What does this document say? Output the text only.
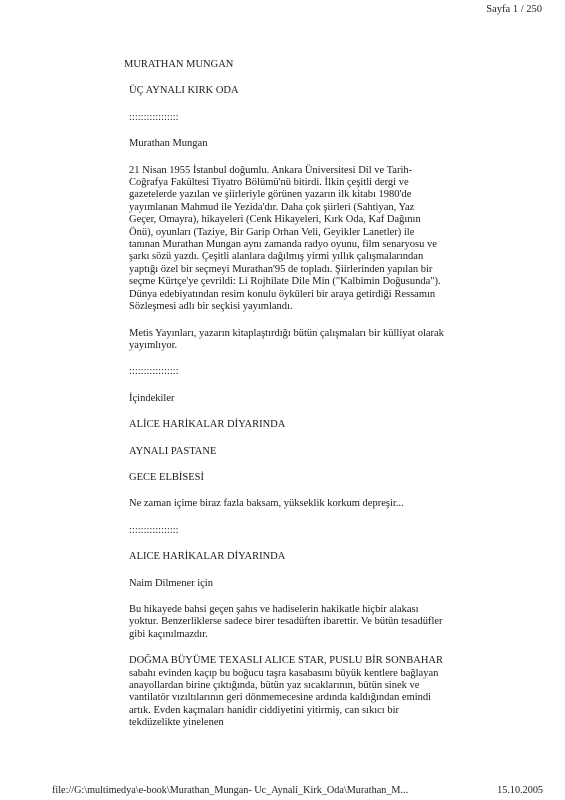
Sayfa 1 / 250

MURATHAN MUNGAN

ÜÇ AYNALI KIRK ODA

:::::::::::::::::

Murathan Mungan

21 Nisan 1955 İstanbul doğumlu. Ankara Üniversitesi Dil ve Tarih-Coğrafya Fakültesi Tiyatro Bölümü'nü bitirdi. İlkin çeşitli dergi ve gazetelerde yazılan ve şiirleriyle görünen yazarın ilk kitabı 1980'de yayımlanan Mahmud ile Yezida'dır. Daha çok şiirleri (Sahtiyan, Yaz Geçer, Omayra), hikayeleri (Cenk Hikayeleri, Kırk Oda, Kaf Dağının Önü), oyunları (Taziye, Bir Garip Orhan Veli, Geyikler Lanetler) ile tanınan Murathan Mungan aynı zamanda radyo oyunu, film senaryosu ve şarkı sözü yazdı. Çeşitli alanlara dağılmış yirmi yıllık çalışmalarından yaptığı özel bir seçmeyi Murathan'95 de topladı. Şiirlerinden yapılan bir seçme Kürtçe'ye çevrildi: Li Rojhilate Dile Min ("Kalbimin Doğusunda"). Dünya edebiyatından resim konulu öyküleri bir araya getirdiği Ressamın Sözleşmesi adlı bir seçkisi yayımlandı.

Metis Yayınları, yazarın kitaplaştırdığı bütün çalışmaları bir külliyat olarak yayımlıyor.

:::::::::::::::::

İçindekiler

ALİCE HARİKALAR DİYARINDA

AYNALI PASTANE

GECE ELBİSESİ

Ne zaman içime biraz fazla baksam, yükseklik korkum depreşir...

:::::::::::::::::

ALICE HARİKALAR DİYARINDA

Naim Dilmener için

Bu hikayede bahsi geçen şahıs ve hadiselerin hakikatle hiçbir alakası yoktur. Benzerliklerse sadece birer tesadüften ibarettir. Ve bütün tesadüfler gibi kaçınılmazdır.

DOĞMA BÜYÜME TEXASLI ALICE STAR, PUSLU BİR SONBAHAR sabahı evinden kaçıp bu boğucu taşra kasabasını büyük kentlere bağlayan anayollardan birine çıktığında, bütün yaz sıcaklarının, bütün sinek ve vantilatör vızıltılarının geri dönmemecesine ardında kaldığından emindi artık. Evden kaçmaları hanidir ciddiyetini yitirmiş, can sıkıcı bir tekdüzelikte yinelenen

file://G:\multimedya\e-book\Murathan_Mungan- Uc_Aynali_Kirk_Oda\Murathan_M...	15.10.2005
